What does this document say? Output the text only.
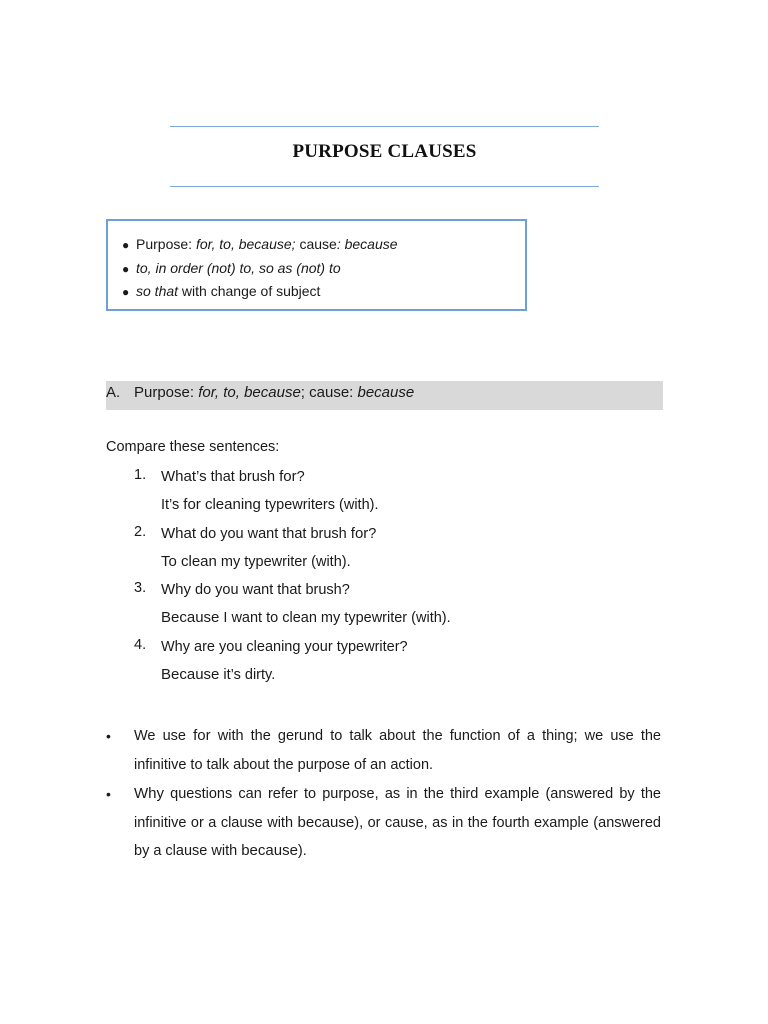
PURPOSE CLAUSES
● Purpose: for, to, because; cause: because
● to, in order (not) to, so as (not) to
● so that with change of subject
A. Purpose: for, to, because; cause: because
Compare these sentences:
1. What’s that brush for?
It’s for cleaning typewriters (with).
2. What do you want that brush for?
To clean my typewriter (with).
3. Why do you want that brush?
Because I want to clean my typewriter (with).
4.	Why are you cleaning your typewriter?
Because it’s dirty.
• We use for with the gerund to talk about the function of a thing; we use the infinitive to talk about the purpose of an action.
• Why questions can refer to purpose, as in the third example (answered by the infinitive or a clause with because), or cause, as in the fourth example (answered by a clause with because).
